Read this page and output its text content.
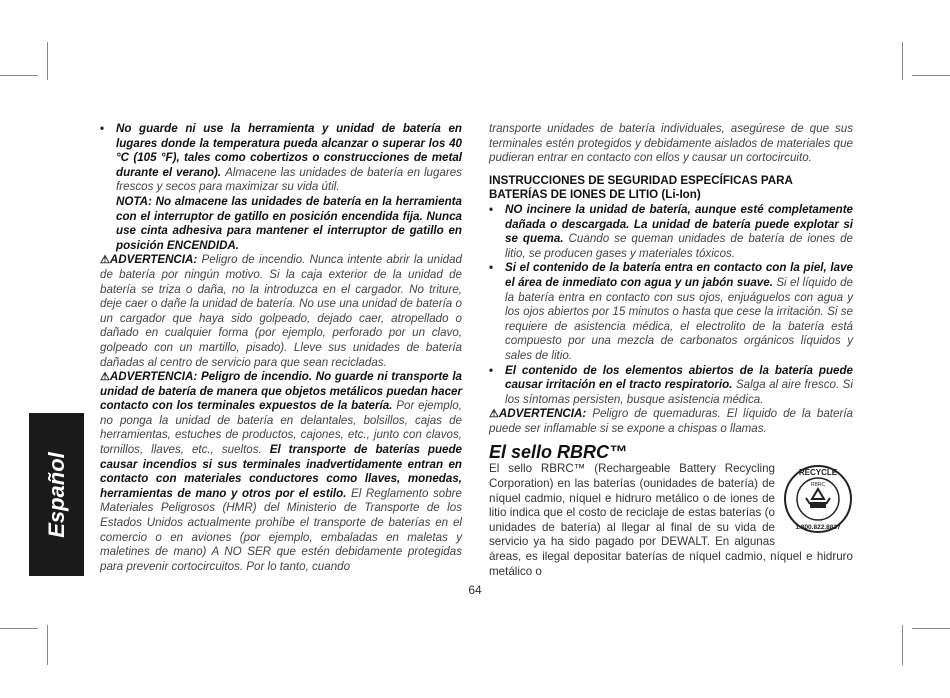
Español

• No guarde ni use la herramienta y unidad de batería en lugares donde la temperatura pueda alcanzar o superar los 40 °C (105 °F), tales como cobertizos o construcciones de metal durante el verano). Almacene las unidades de batería en lugares frescos y secos para maximizar su vida útil.

NOTA: No almacene las unidades de batería en la herramienta con el interruptor de gatillo en posición encendida fija. Nunca use cinta adhesiva para mantener el interruptor de gatillo en posición ENCENDIDA.

⚠ADVERTENCIA: Peligro de incendio. Nunca intente abrir la unidad de batería por ningún motivo. Si la caja exterior de la unidad de batería se triza o daña, no la introduzca en el cargador. No triture, deje caer o dañe la unidad de batería. No use una unidad de batería o un cargador que haya sido golpeado, dejado caer, atropellado o dañado en cualquier forma (por ejemplo, perforado por un clavo, golpeado con un martillo, pisado). Lleve sus unidades de batería dañadas al centro de servicio para que sean recicladas.

⚠ADVERTENCIA: Peligro de incendio. No guarde ni transporte la unidad de batería de manera que objetos metálicos puedan hacer contacto con los terminales expuestos de la batería. Por ejemplo, no ponga la unidad de batería en delantales, bolsillos, cajas de herramientas, estuches de productos, cajones, etc., junto con clavos, tornillos, llaves, etc., sueltos. El transporte de baterías puede causar incendios si sus terminales inadvertidamente entran en contacto con materiales conductores como llaves, monedas, herramientas de mano y otros por el estilo. El Reglamento sobre Materiales Peligrosos (HMR) del Ministerio de Transporte de los Estados Unidos actualmente prohíbe el transporte de baterías en el comercio o en aviones (por ejemplo, embaladas en maletas y maletines de mano) A NO SER que estén debidamente protegidas para prevenir cortocircuitos. Por lo tanto, cuando

transporte unidades de batería individuales, asegúrese de que sus terminales estén protegidos y debidamente aislados de materiales que pudieran entrar en contacto con ellos y causar un cortocircuito.

INSTRUCCIONES DE SEGURIDAD ESPECÍFICAS PARA BATERÍAS DE IONES DE LITIO (Li-Ion)

• NO incinere la unidad de batería, aunque esté completamente dañada o descargada. La unidad de batería puede explotar si se quema. Cuando se queman unidades de batería de iones de litio, se producen gases y materiales tóxicos.

• Si el contenido de la batería entra en contacto con la piel, lave el área de inmediato con agua y un jabón suave. Si el líquido de la batería entra en contacto con sus ojos, enjuáguelos con agua y los ojos abiertos por 15 minutos o hasta que cese la irritación. Si se requiere de asistencia médica, el electrolito de la batería está compuesto por una mezcla de carbonatos orgánicos líquidos y sales de litio.

• El contenido de los elementos abiertos de la batería puede causar irritación en el tracto respiratorio. Salga al aire fresco. Si los síntomas persisten, busque asistencia médica.

⚠ADVERTENCIA: Peligro de quemaduras. El líquido de la batería puede ser inflamable si se expone a chispas o llamas.

El sello RBRC™

RECYCLE
RBRC
1.800.822.8837

El sello RBRC™ (Rechargeable Battery Recycling Corporation) en las baterías (ounidades de batería) de níquel cadmio, níquel e hidruro metálico o de iones de litio indica que el costo de reciclaje de estas baterías (o unidades de batería) al llegar al final de su vida de servicio ya ha sido pagado por DEWALT. En algunas áreas, es ilegal depositar baterías de níquel cadmio, níquel e hidruro metálico o

64
